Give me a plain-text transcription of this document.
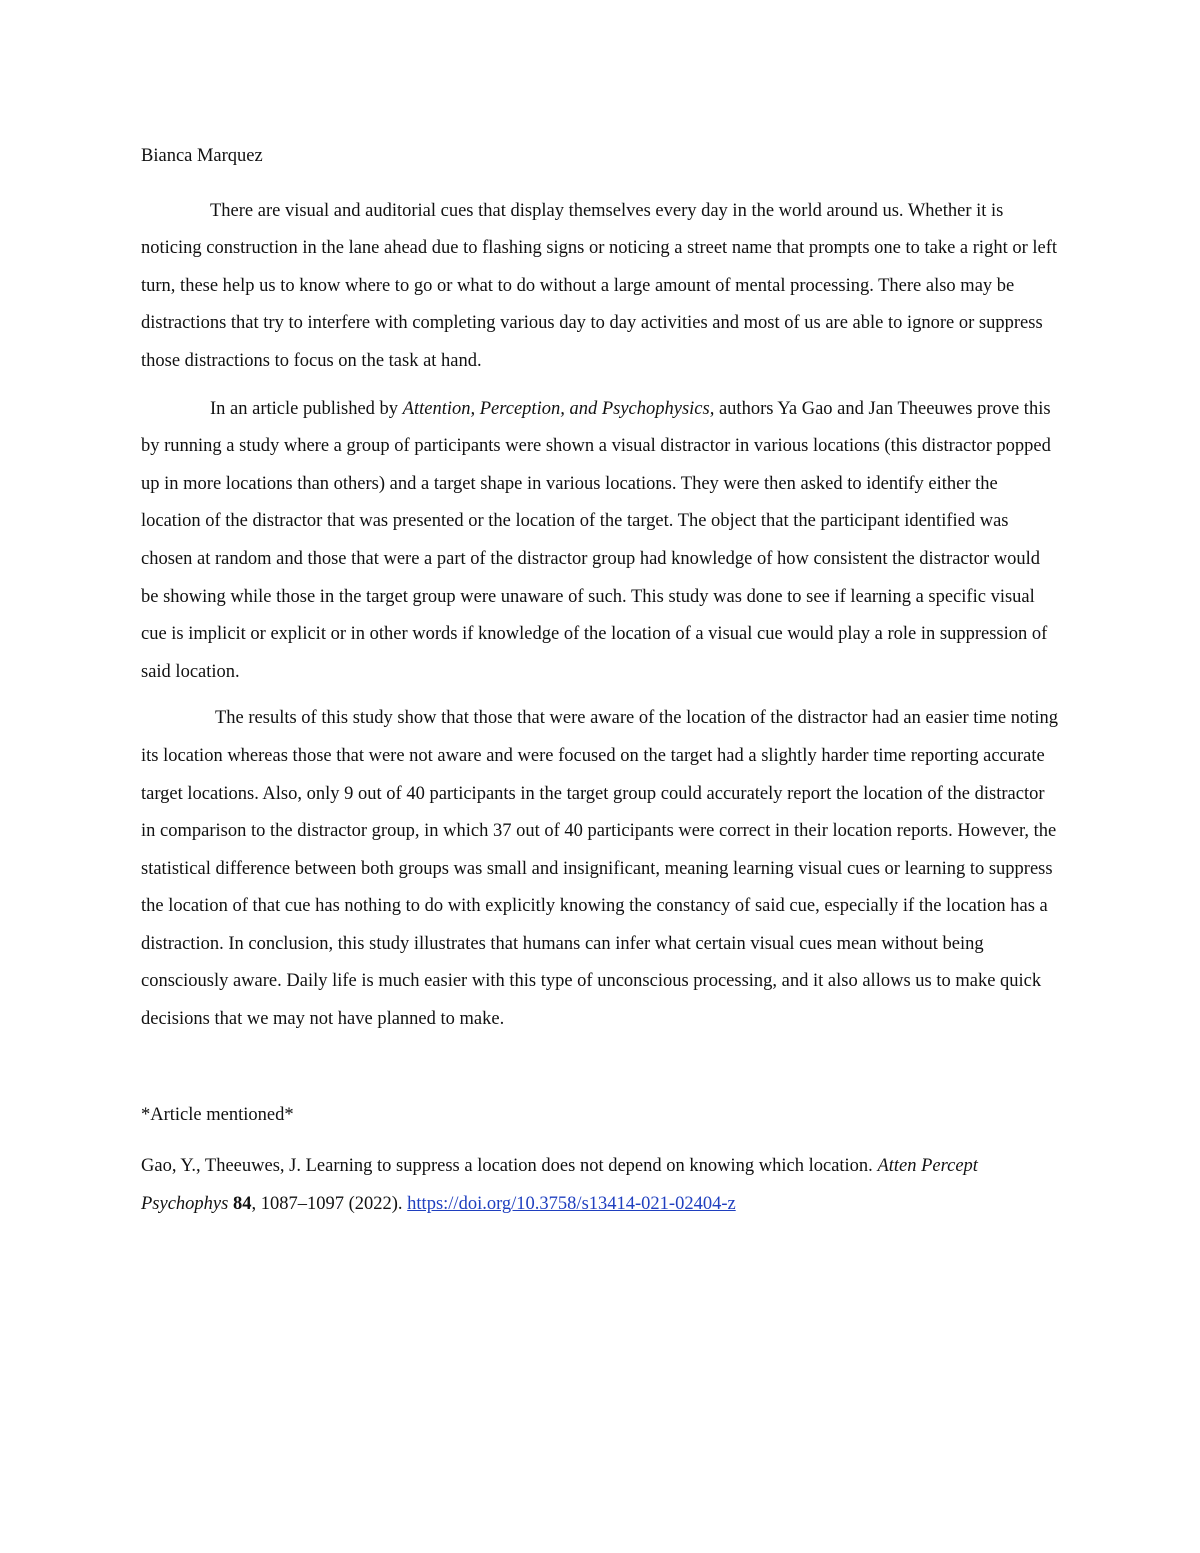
Bianca Marquez

There are visual and auditorial cues that display themselves every day in the world around us. Whether it is noticing construction in the lane ahead due to flashing signs or noticing a street name that prompts one to take a right or left turn, these help us to know where to go or what to do without a large amount of mental processing. There also may be distractions that try to interfere with completing various day to day activities and most of us are able to ignore or suppress those distractions to focus on the task at hand.

In an article published by Attention, Perception, and Psychophysics, authors Ya Gao and Jan Theeuwes prove this by running a study where a group of participants were shown a visual distractor in various locations (this distractor popped up in more locations than others) and a target shape in various locations. They were then asked to identify either the location of the distractor that was presented or the location of the target. The object that the participant identified was chosen at random and those that were a part of the distractor group had knowledge of how consistent the distractor would be showing while those in the target group were unaware of such. This study was done to see if learning a specific visual cue is implicit or explicit or in other words if knowledge of the location of a visual cue would play a role in suppression of said location.

The results of this study show that those that were aware of the location of the distractor had an easier time noting its location whereas those that were not aware and were focused on the target had a slightly harder time reporting accurate target locations. Also, only 9 out of 40 participants in the target group could accurately report the location of the distractor in comparison to the distractor group, in which 37 out of 40 participants were correct in their location reports. However, the statistical difference between both groups was small and insignificant, meaning learning visual cues or learning to suppress the location of that cue has nothing to do with explicitly knowing the constancy of said cue, especially if the location has a distraction. In conclusion, this study illustrates that humans can infer what certain visual cues mean without being consciously aware. Daily life is much easier with this type of unconscious processing, and it also allows us to make quick decisions that we may not have planned to make.

*Article mentioned*

Gao, Y., Theeuwes, J. Learning to suppress a location does not depend on knowing which location. Atten Percept Psychophys 84, 1087–1097 (2022). https://doi.org/10.3758/s13414-021-02404-z
